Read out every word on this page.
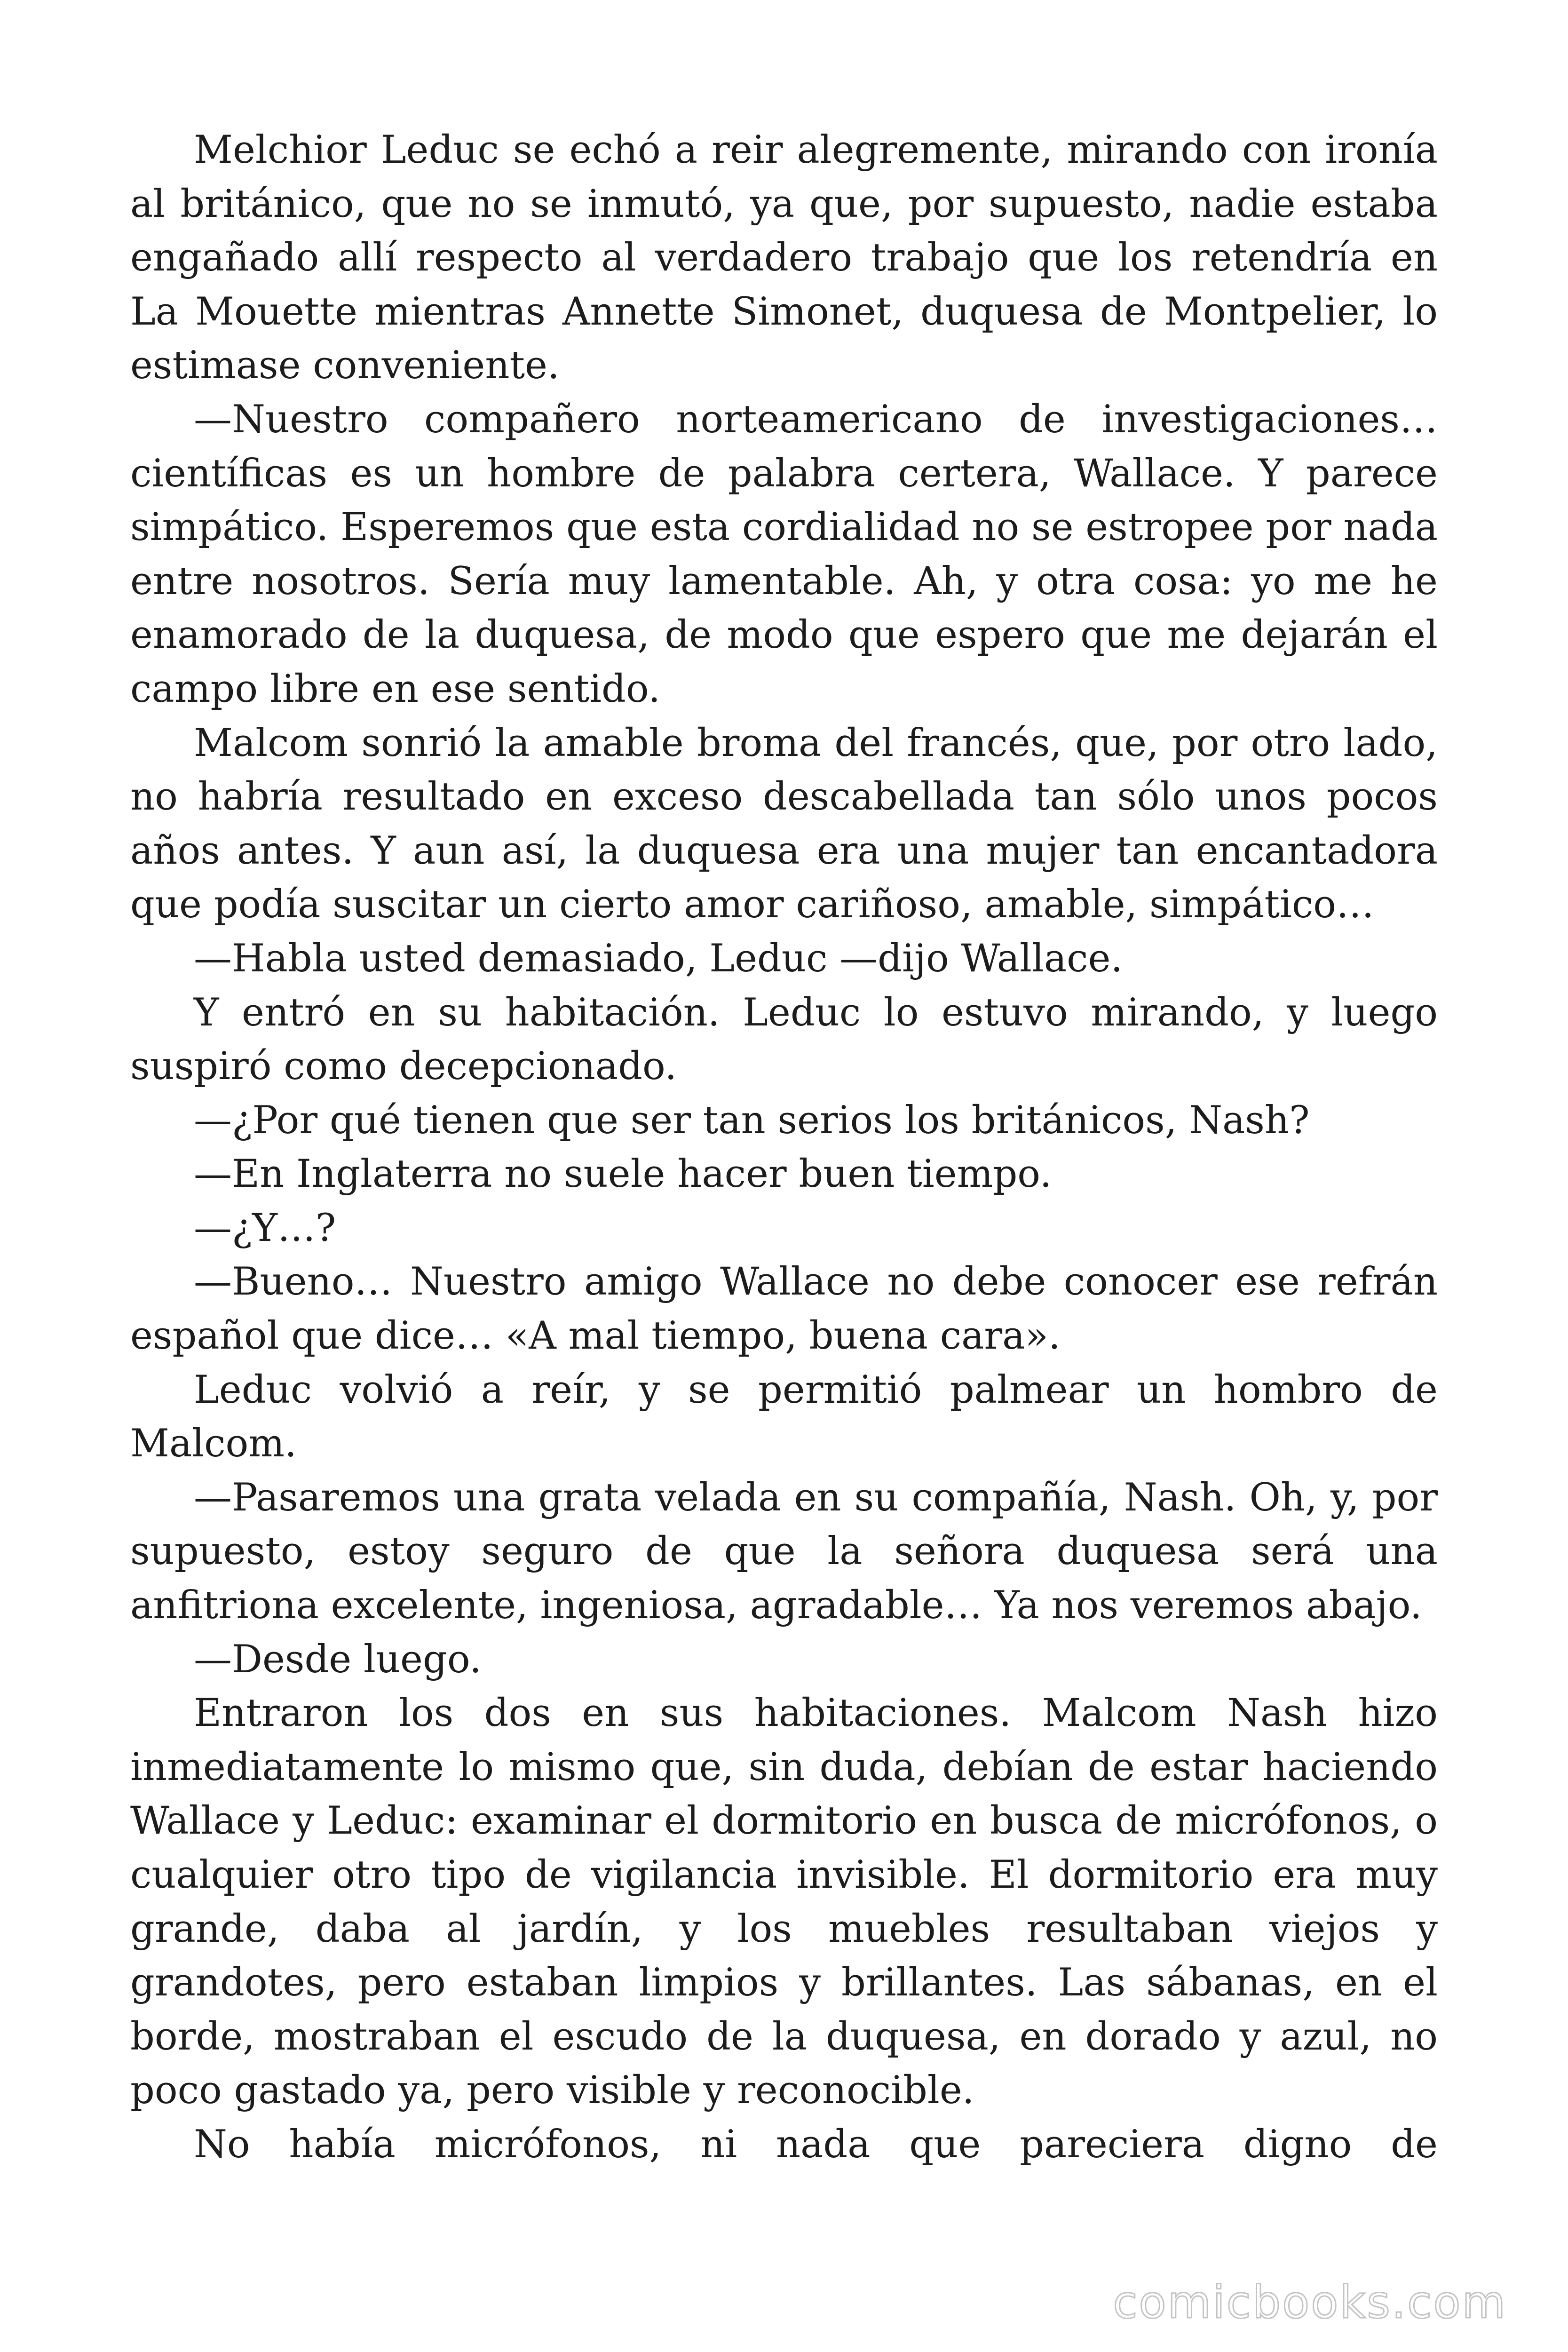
Melchior Leduc se echó a reir alegremente, mirando con ironía al británico, que no se inmutó, ya que, por supuesto, nadie estaba engañado allí respecto al verdadero trabajo que los retendría en La Mouette mientras Annette Simonet, duquesa de Montpelier, lo estimase conveniente.

—Nuestro compañero norteamericano de investigaciones… científicas es un hombre de palabra certera, Wallace. Y parece simpático. Esperemos que esta cordialidad no se estropee por nada entre nosotros. Sería muy lamentable. Ah, y otra cosa: yo me he enamorado de la duquesa, de modo que espero que me dejarán el campo libre en ese sentido.

Malcom sonrió la amable broma del francés, que, por otro lado, no habría resultado en exceso descabellada tan sólo unos pocos años antes. Y aun así, la duquesa era una mujer tan encantadora que podía suscitar un cierto amor cariñoso, amable, simpático…

—Habla usted demasiado, Leduc —dijo Wallace.

Y entró en su habitación. Leduc lo estuvo mirando, y luego suspiró como decepcionado.

—¿Por qué tienen que ser tan serios los británicos, Nash?

—En Inglaterra no suele hacer buen tiempo.

—¿Y…?

—Bueno… Nuestro amigo Wallace no debe conocer ese refrán español que dice… «A mal tiempo, buena cara».

Leduc volvió a reír, y se permitió palmear un hombro de Malcom.

—Pasaremos una grata velada en su compañía, Nash. Oh, y, por supuesto, estoy seguro de que la señora duquesa será una anfitriona excelente, ingeniosa, agradable… Ya nos veremos abajo.

—Desde luego.

Entraron los dos en sus habitaciones. Malcom Nash hizo inmediatamente lo mismo que, sin duda, debían de estar haciendo Wallace y Leduc: examinar el dormitorio en busca de micrófonos, o cualquier otro tipo de vigilancia invisible. El dormitorio era muy grande, daba al jardín, y los muebles resultaban viejos y grandotes, pero estaban limpios y brillantes. Las sábanas, en el borde, mostraban el escudo de la duquesa, en dorado y azul, no poco gastado ya, pero visible y reconocible.

No había micrófonos, ni nada que pareciera digno de

comicbooks.com
